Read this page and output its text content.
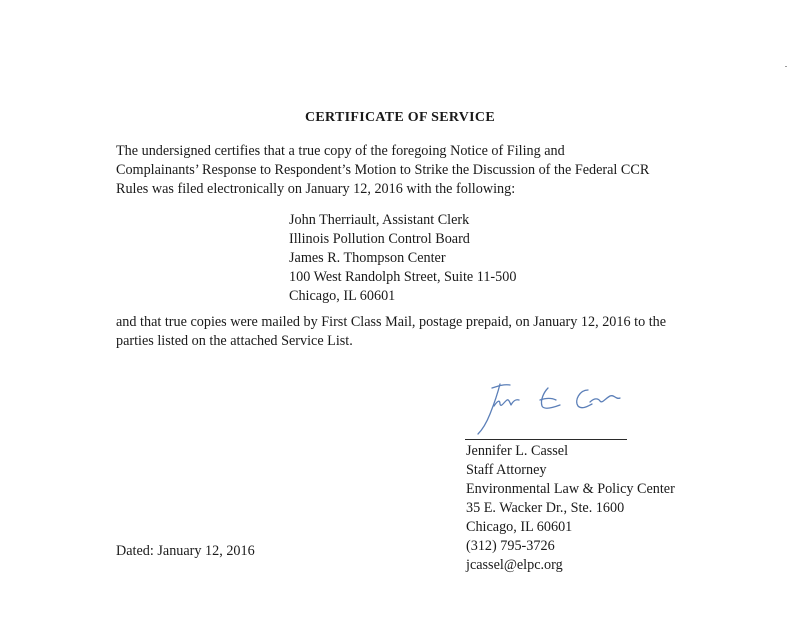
CERTIFICATE OF SERVICE
The undersigned certifies that a true copy of the foregoing Notice of Filing and
Complainants’ Response to Respondent’s Motion to Strike the Discussion of the Federal CCR
Rules was filed electronically on January 12, 2016 with the following:
John Therriault, Assistant Clerk
Illinois Pollution Control Board
James R. Thompson Center
100 West Randolph Street, Suite 11-500
Chicago, IL 60601
and that true copies were mailed by First Class Mail, postage prepaid, on January 12, 2016 to the
parties listed on the attached Service List.
Jennifer L. Cassel
Staff Attorney
Environmental Law & Policy Center
35 E. Wacker Dr., Ste. 1600
Chicago, IL 60601
(312) 795-3726
jcassel@elpc.org
Dated: January 12, 2016
